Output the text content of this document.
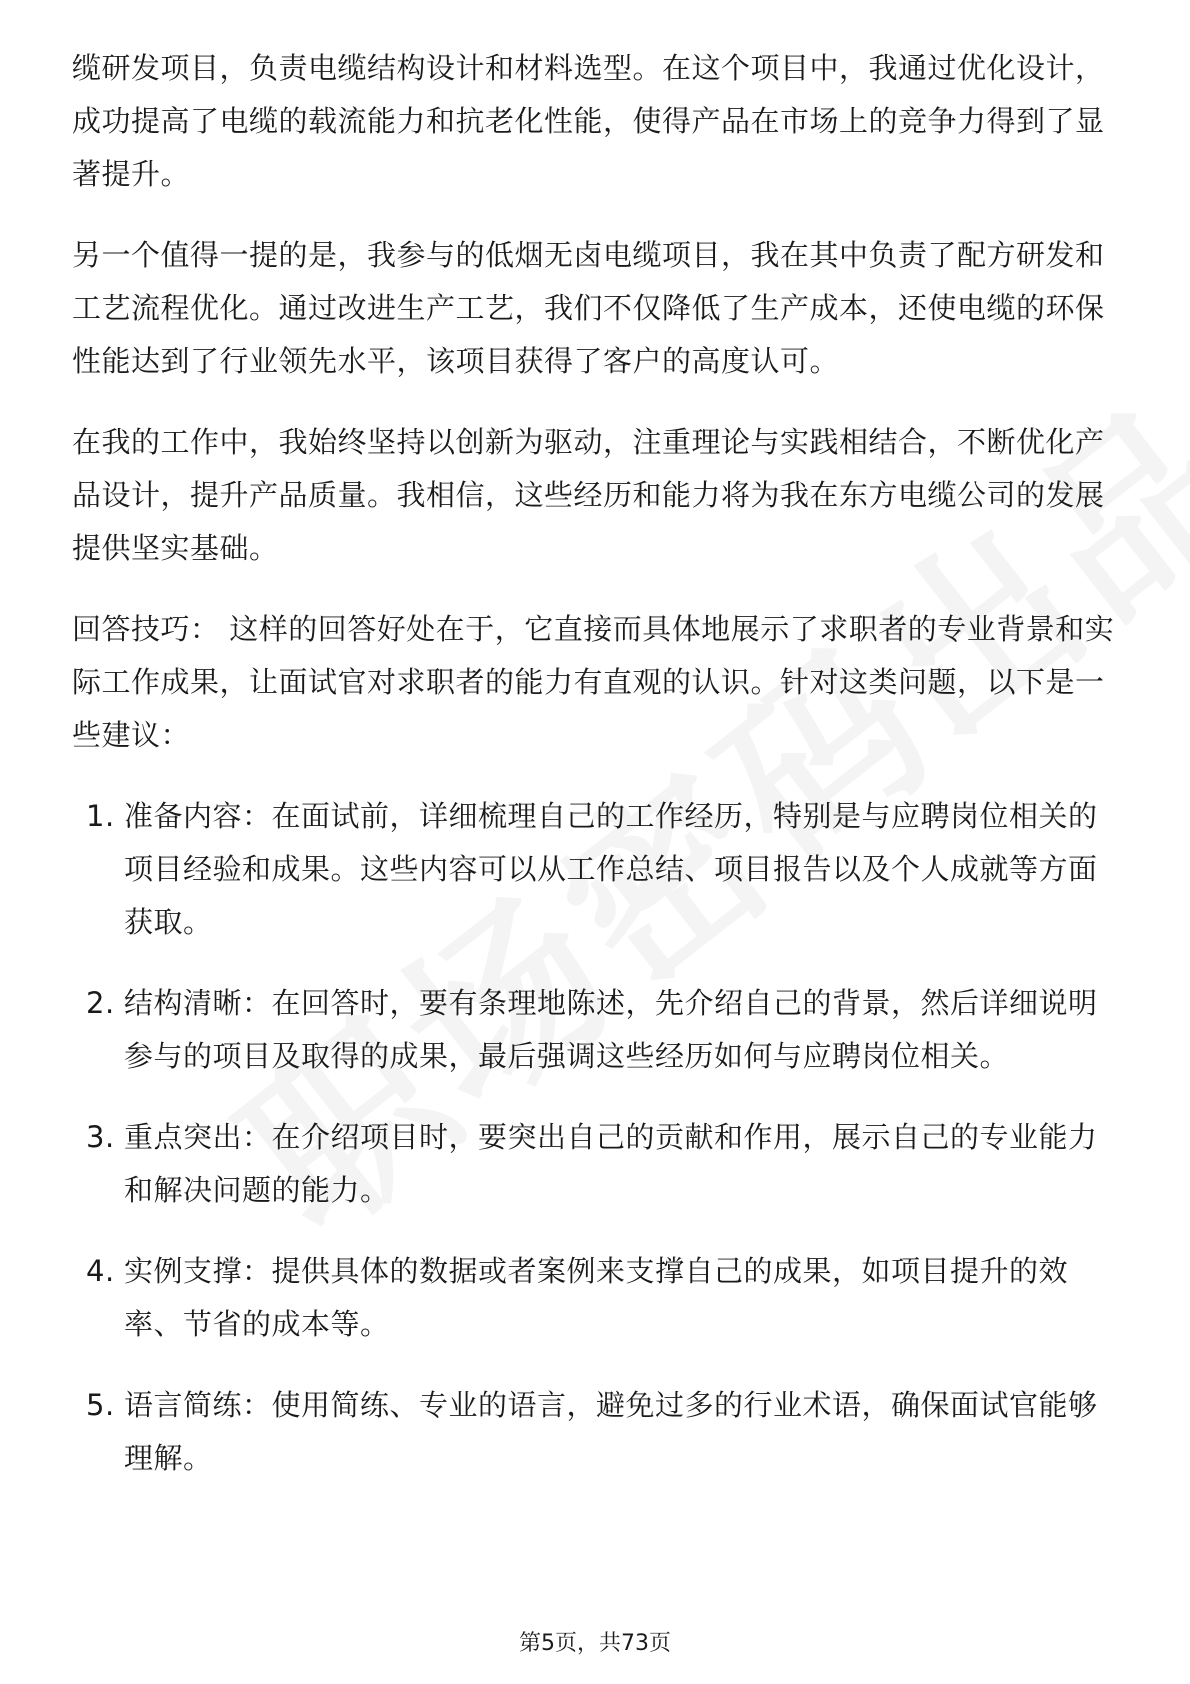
缆研发项目，负责电缆结构设计和材料选型。在这个项目中，我通过优化设计，成功提高了电缆的载流能力和抗老化性能，使得产品在市场上的竞争力得到了显著提升。

另一个值得一提的是，我参与的低烟无卤电缆项目，我在其中负责了配方研发和工艺流程优化。通过改进生产工艺，我们不仅降低了生产成本，还使电缆的环保性能达到了行业领先水平，该项目获得了客户的高度认可。

在我的工作中，我始终坚持以创新为驱动，注重理论与实践相结合，不断优化产品设计，提升产品质量。我相信，这些经历和能力将为我在东方电缆公司的发展提供坚实基础。

回答技巧： 这样的回答好处在于，它直接而具体地展示了求职者的专业背景和实际工作成果，让面试官对求职者的能力有直观的认识。针对这类问题，以下是一些建议：

1. 准备内容：在面试前，详细梳理自己的工作经历，特别是与应聘岗位相关的项目经验和成果。这些内容可以从工作总结、项目报告以及个人成就等方面获取。
2. 结构清晰：在回答时，要有条理地陈述，先介绍自己的背景，然后详细说明参与的项目及取得的成果，最后强调这些经历如何与应聘岗位相关。
3. 重点突出：在介绍项目时，要突出自己的贡献和作用，展示自己的专业能力和解决问题的能力。
4. 实例支撑：提供具体的数据或者案例来支撑自己的成果，如项目提升的效率、节省的成本等。
5. 语言简练：使用简练、专业的语言，避免过多的行业术语，确保面试官能够理解。
第5页，共73页
